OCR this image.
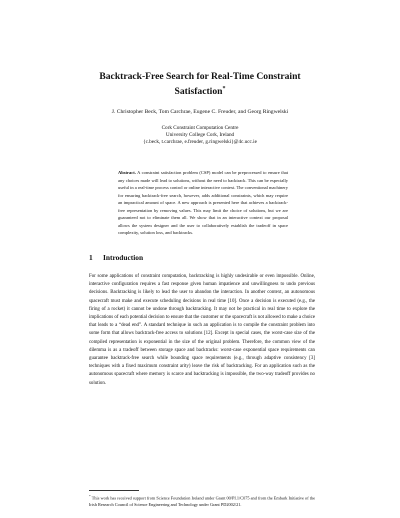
Backtrack-Free Search for Real-Time Constraint
Satisfaction*
J. Christopher Beck, Tom Carchrae, Eugene C. Freuder, and Georg Ringwelski
Cork Constraint Computation Centre
University College Cork, Ireland
{c.beck, t.carchrae, e.freuder, g.ringwelski}@4c.ucc.ie
Abstract. A constraint satisfaction problem (CSP) model can be preprocessed to ensure that any choices made will lead to solutions, without the need to backtrack. This can be especially useful in a real-time process control or online interactive context. The conventional machinery for ensuring backtrack-free search, however, adds additional constraints, which may require an impractical amount of space. A new approach is presented here that achieves a backtrack-free representation by removing values. This may limit the choice of solutions, but we are guaranteed not to eliminate them all. We show that in an interactive context our proposal allows the system designer and the user to collaboratively establish the tradeoff in space complexity, solution loss, and backtracks.
1 Introduction
For some applications of constraint computation, backtracking is highly undesirable or even impossible. Online, interactive configuration requires a fast response given human impatience and unwillingness to undo previous decisions. Backtracking is likely to lead the user to abandon the interaction. In another context, an autonomous spacecraft must make and execute scheduling decisions in real time [10]. Once a decision is executed (e.g., the firing of a rocket) it cannot be undone through backtracking. It may not be practical in real time to explore the implications of each potential decision to ensure that the customer or the spacecraft is not allowed to make a choice that leads to a “dead end”. A standard technique in such an application is to compile the constraint problem into some form that allows backtrack-free access to solutions [12]. Except in special cases, the worst-case size of the compiled representation is exponential in the size of the original problem. Therefore, the common view of the dilemma is as a tradeoff between storage space and backtracks: worst-case exponential space requirements can guarantee backtrack-free search while bounding space requirements (e.g., through adaptive consistency [3] techniques with a fixed maximum constraint arity) leave the risk of backtracking. For an application such as the autonomous spacecraft where memory is scarce and backtracking is impossible, the two-way tradeoff provides no solution.
* This work has received support from Science Foundation Ireland under Grant 00/PI.1/C075 and from the Embark Initiative of the Irish Research Council of Science Engineering and Technology under Grant PD2002/21.
